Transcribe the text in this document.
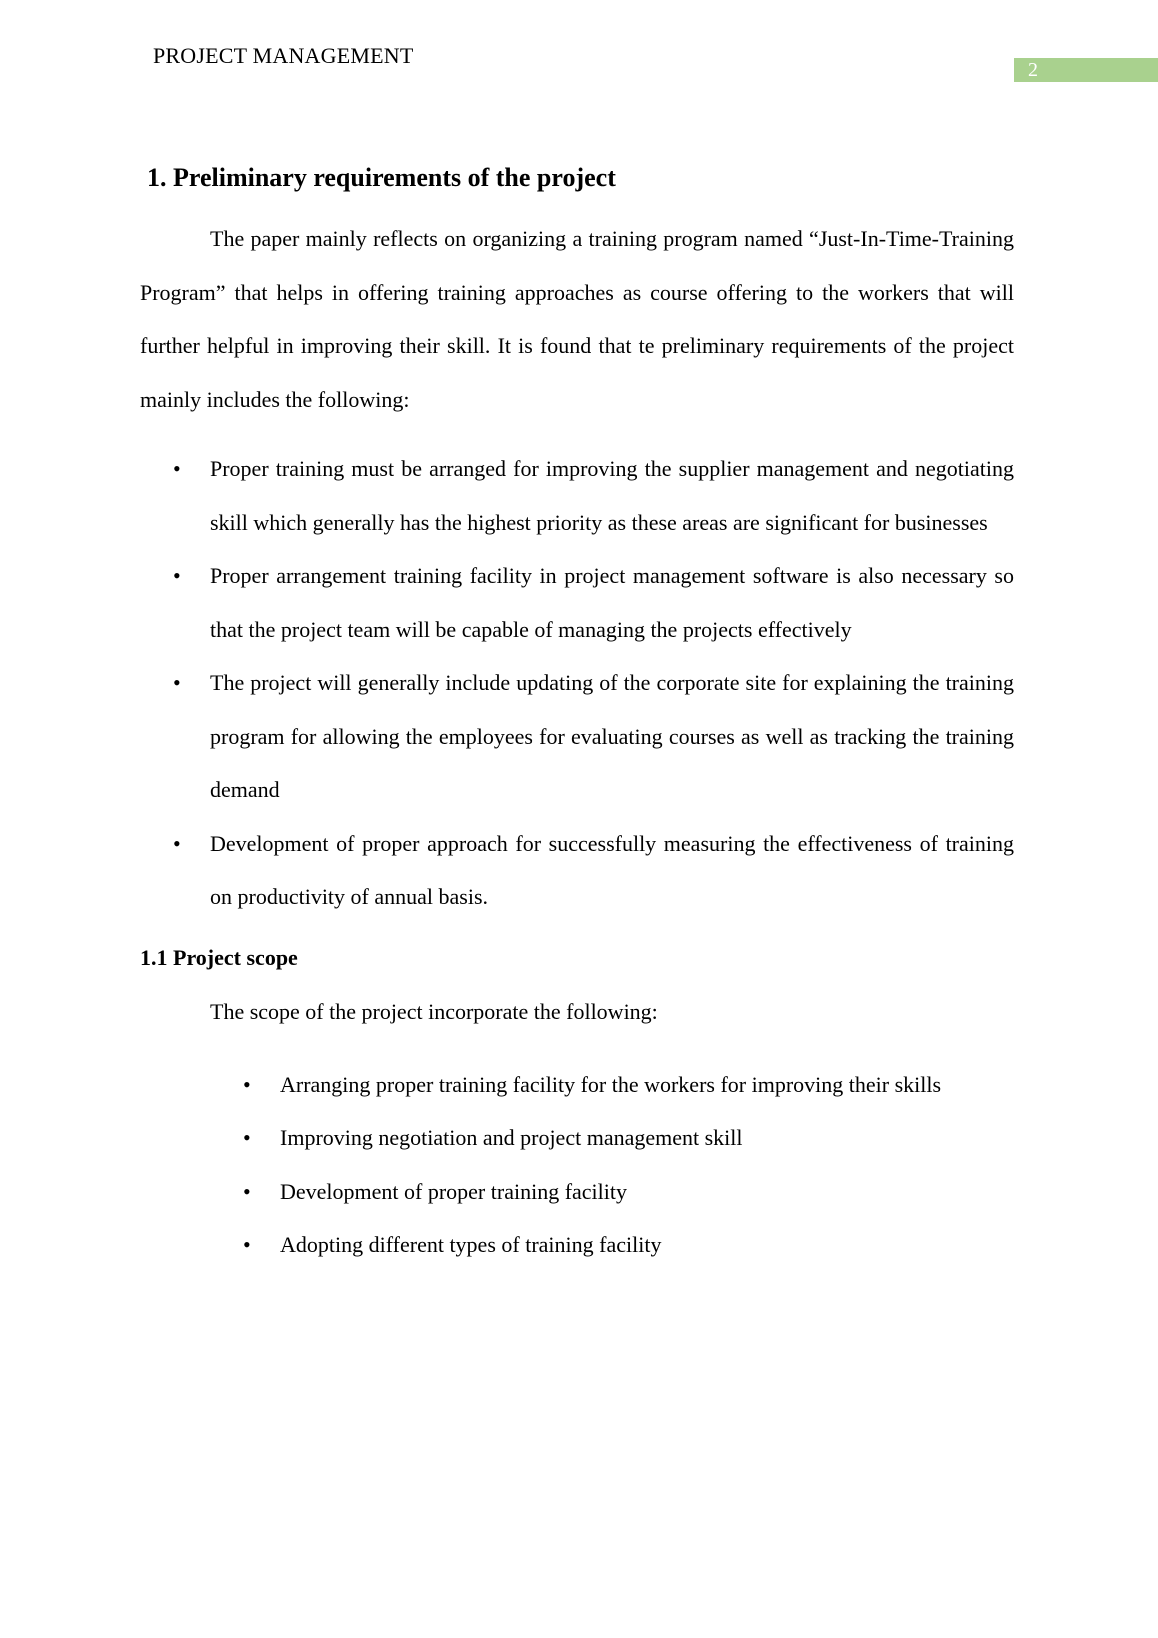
PROJECT MANAGEMENT
2
1. Preliminary requirements of the project

The paper mainly reflects on organizing a training program named “Just-In-Time-Training Program” that helps in offering training approaches as course offering to the workers that will further helpful in improving their skill. It is found that te preliminary requirements of the project mainly includes the following:

• Proper training must be arranged for improving the supplier management and negotiating skill which generally has the highest priority as these areas are significant for businesses
• Proper arrangement training facility in project management software is also necessary so that the project team will be capable of managing the projects effectively
• The project will generally include updating of the corporate site for explaining the training program for allowing the employees for evaluating courses as well as tracking the training demand
• Development of proper approach for successfully measuring the effectiveness of training on productivity of annual basis.
1.1 Project scope

The scope of the project incorporate the following:

• Arranging proper training facility for the workers for improving their skills
• Improving negotiation and project management skill
• Development of proper training facility
• Adopting different types of training facility
